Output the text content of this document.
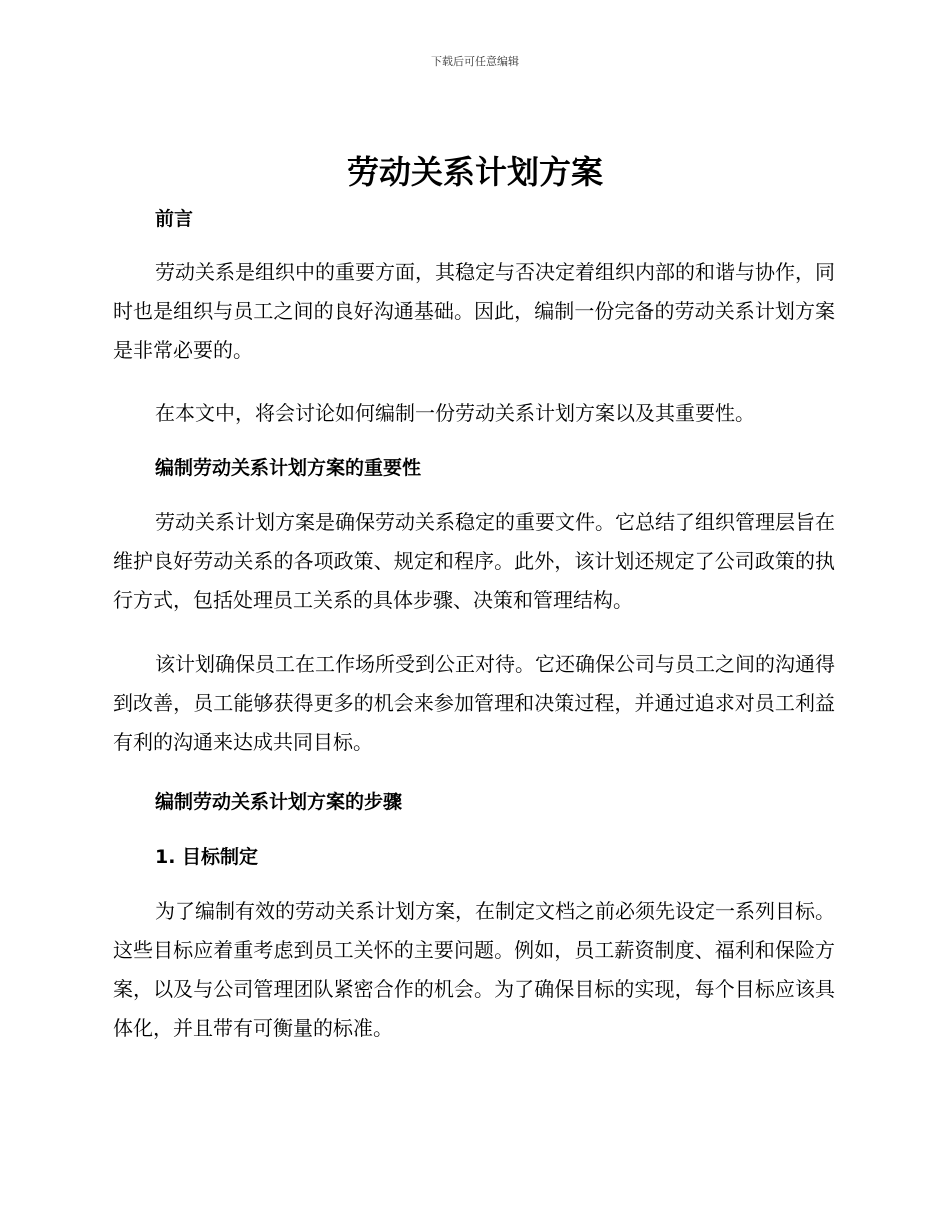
下载后可任意编辑
劳动关系计划方案
前言

劳动关系是组织中的重要方面，其稳定与否决定着组织内部的和谐与协作，同时也是组织与员工之间的良好沟通基础。因此，编制一份完备的劳动关系计划方案是非常必要的。

在本文中，将会讨论如何编制一份劳动关系计划方案以及其重要性。

编制劳动关系计划方案的重要性

劳动关系计划方案是确保劳动关系稳定的重要文件。它总结了组织管理层旨在维护良好劳动关系的各项政策、规定和程序。此外，该计划还规定了公司政策的执行方式，包括处理员工关系的具体步骤、决策和管理结构。

该计划确保员工在工作场所受到公正对待。它还确保公司与员工之间的沟通得到改善，员工能够获得更多的机会来参加管理和决策过程，并通过追求对员工利益有利的沟通来达成共同目标。

编制劳动关系计划方案的步骤
1. 目标制定

为了编制有效的劳动关系计划方案，在制定文档之前必须先设定一系列目标。这些目标应着重考虑到员工关怀的主要问题。例如，员工薪资制度、福利和保险方案，以及与公司管理团队紧密合作的机会。为了确保目标的实现，每个目标应该具体化，并且带有可衡量的标准。
